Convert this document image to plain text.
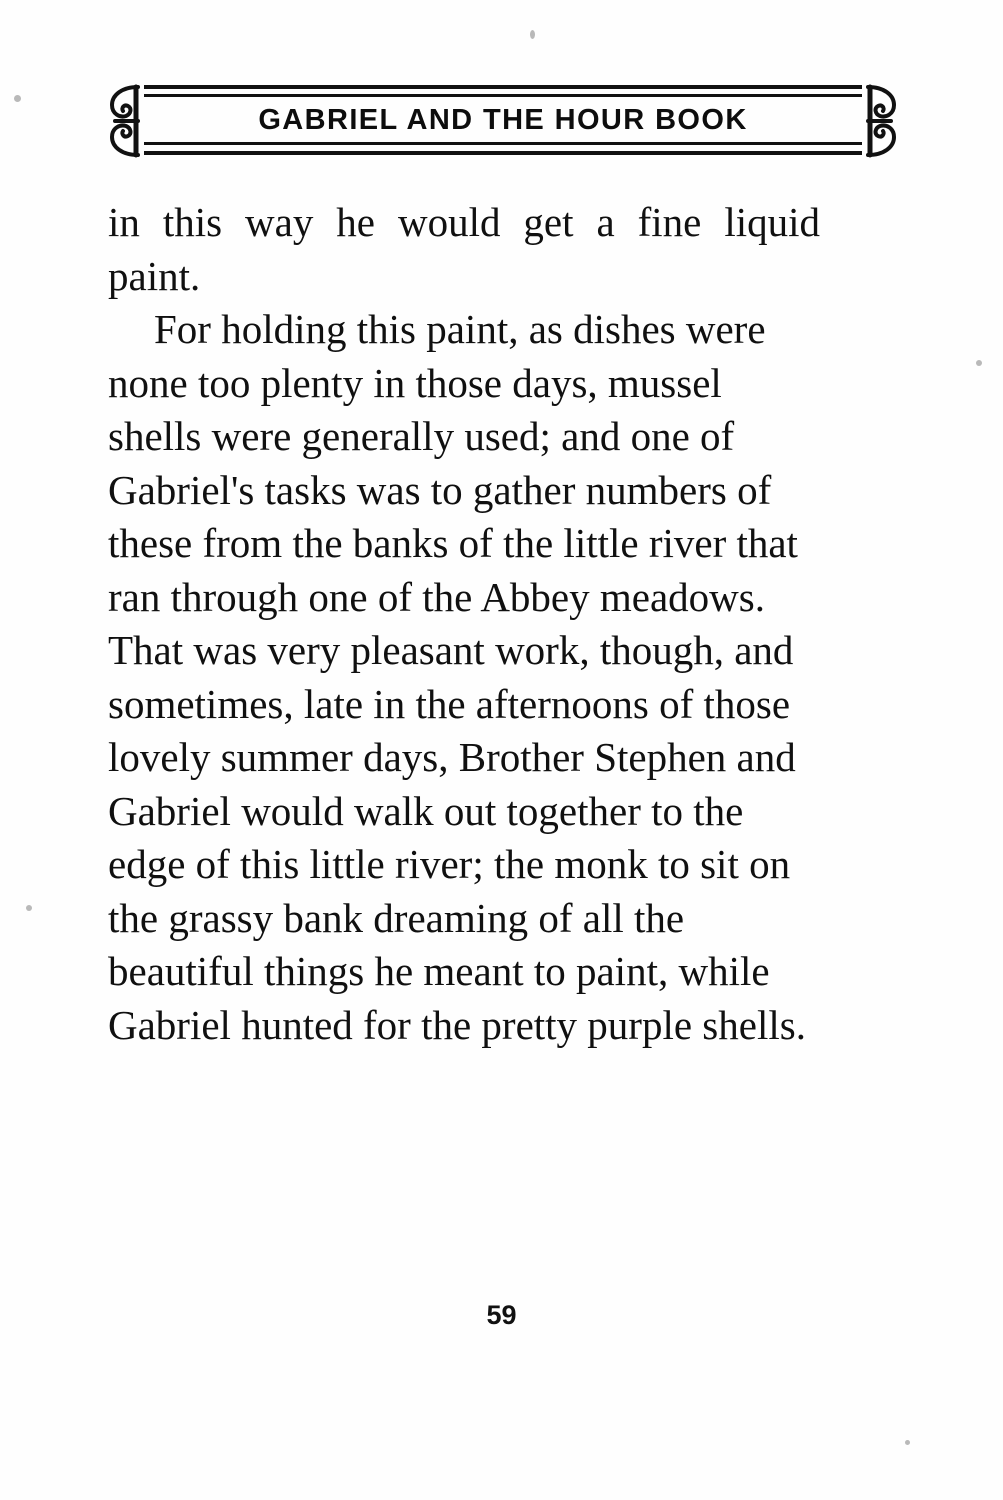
GABRIEL AND THE HOUR BOOK

in this way he would get a fine liquid paint.

For holding this paint, as dishes were none too plenty in those days, mussel shells were generally used; and one of Gabriel's tasks was to gather numbers of these from the banks of the little river that ran through one of the Abbey meadows. That was very pleasant work, though, and sometimes, late in the afternoons of those lovely summer days, Brother Stephen and Gabriel would walk out together to the edge of this little river; the monk to sit on the grassy bank dreaming of all the beautiful things he meant to paint, while Gabriel hunted for the pretty purple shells.

59
